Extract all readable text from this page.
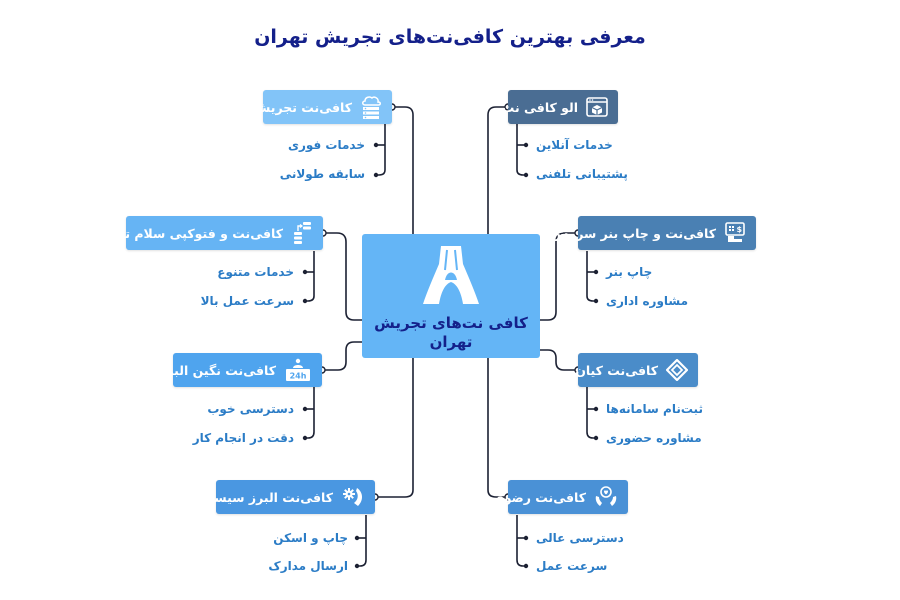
معرفی بهترین کافی‌نت‌های تجریش تهران
کافی نت‌های تجریش تهران
الو کافی نت
خدمات آنلاین
پشتیبانی تلفنی
کافی‌نت و چاپ بنر سروش	$
چاپ بنر
مشاوره اداری
کافی‌نت کیان
ثبت‌نام سامانه‌ها
مشاوره حضوری
کافی‌نت رضوی
دسترسی عالی
سرعت عمل
کافی‌نت تجریش
خدمات فوری
سابقه طولانی
کافی‌نت و فتوکپی سلام تبلیغ
خدمات متنوع
سرعت عمل بالا
کافی‌نت نگین البرز 24h
دسترسی خوب
دقت در انجام کار
کافی‌نت البرز سیستم
چاپ و اسکن
ارسال مدارک
